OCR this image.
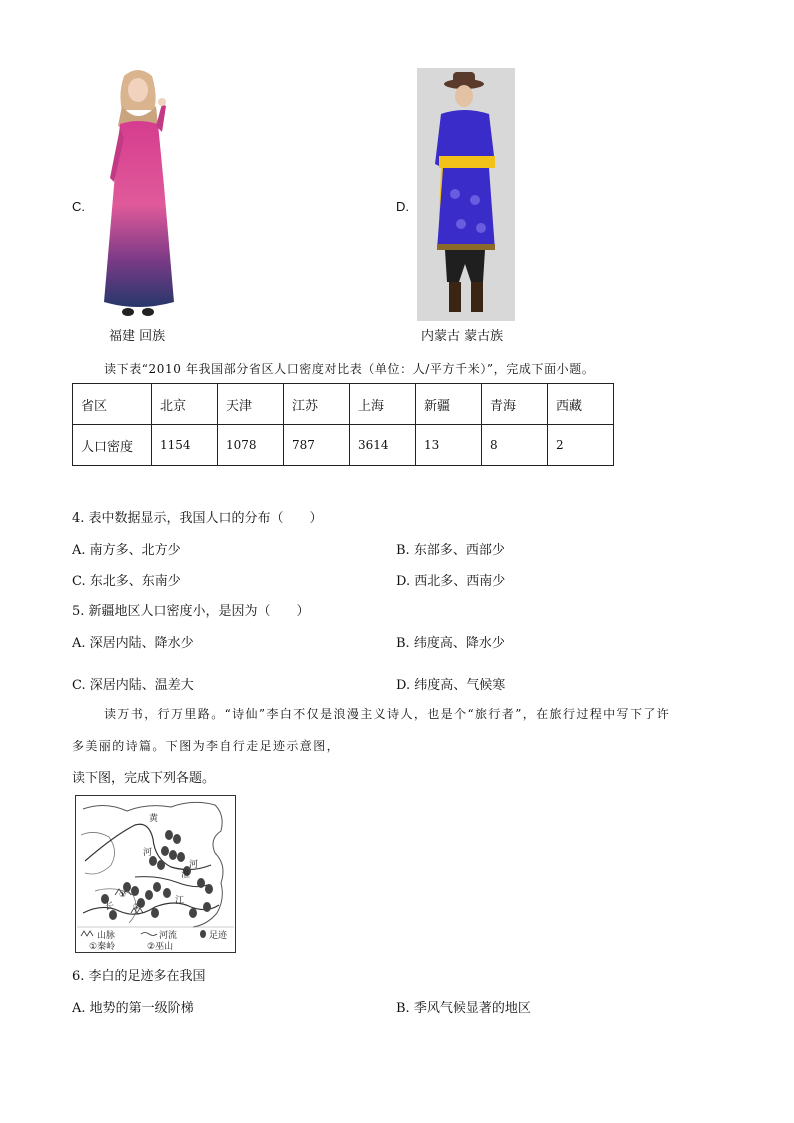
C.
福建 回族
D.
内蒙古 蒙古族
读下表“2010 年我国部分省区人口密度对比表（单位：人/平方千米）”，完成下面小题。
省区	北京	天津	江苏	上海	新疆	青海	西藏
人口密度	1154	1078	787	3614	13	8	2
4. 表中数据显示，我国人口的分布（　　）
A. 南方多、北方少	B. 东部多、西部少
C. 东北多、东南少	D. 西北多、西南少
5. 新疆地区人口密度小，是因为（　　）
A. 深居内陆、降水少	B. 纬度高、降水少
C. 深居内陆、温差大	D. 纬度高、气候寒
读万书，行万里路。“诗仙”李白不仅是浪漫主义诗人，也是个“旅行者”，在旅行过程中写下了许
多美丽的诗篇。下图为李自行走足迹示意图，
读下图，完成下列各题。
黄
河
淮
河
长
江
①
②
山脉	河流	足迹
①秦岭	②巫山
6. 李白的足迹多在我国
A. 地势的第一级阶梯	B. 季风气候显著的地区
